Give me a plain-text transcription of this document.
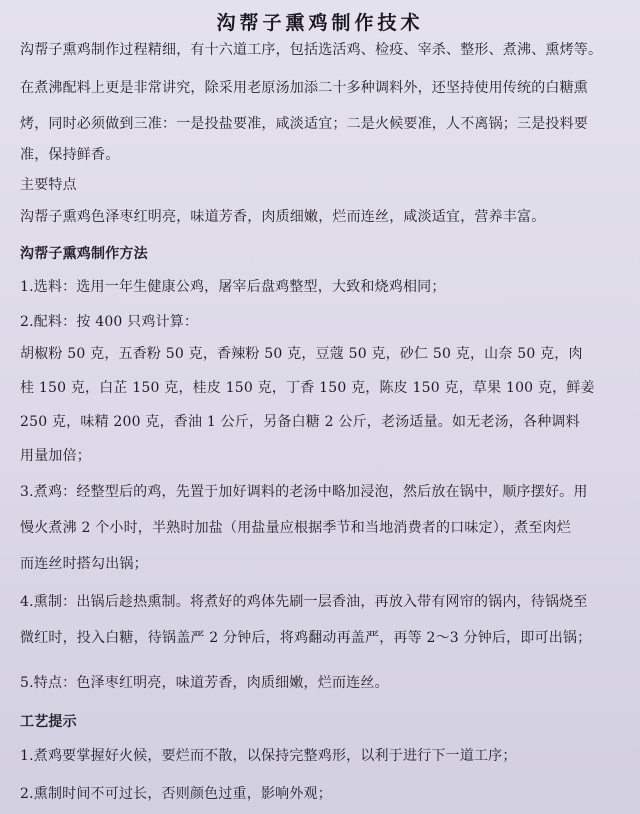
沟帮子熏鸡制作技术
沟帮子熏鸡制作过程精细，有十六道工序，包括选活鸡、检疫、宰杀、整形、煮沸、熏烤等。
在煮沸配料上更是非常讲究，除采用老原汤加添二十多种调料外，还坚持使用传统的白糖熏
烤，同时必须做到三准：一是投盐要准，咸淡适宜；二是火候要准，人不离锅；三是投料要
准，保持鲜香。
主要特点
沟帮子熏鸡色泽枣红明亮，味道芳香，肉质细嫩，烂而连丝，咸淡适宜，营养丰富。
沟帮子熏鸡制作方法
1.选料：选用一年生健康公鸡，屠宰后盘鸡整型，大致和烧鸡相同；
2.配料：按 400 只鸡计算：
胡椒粉 50 克，五香粉 50 克，香辣粉 50 克，豆蔻 50 克，砂仁 50 克，山奈 50 克，肉
桂 150 克，白芷 150 克，桂皮 150 克，丁香 150 克，陈皮 150 克，草果 100 克，鲜姜
250 克，味精 200 克，香油 1 公斤，另备白糖 2 公斤，老汤适量。如无老汤，各种调料
用量加倍；
3.煮鸡：经整型后的鸡，先置于加好调料的老汤中略加浸泡，然后放在锅中，顺序摆好。用
慢火煮沸 2 个小时，半熟时加盐（用盐量应根据季节和当地消费者的口味定），煮至肉烂
而连丝时搭勾出锅；
4.熏制：出锅后趁热熏制。将煮好的鸡体先刷一层香油，再放入带有网帘的锅内，待锅烧至
微红时，投入白糖，待锅盖严 2 分钟后，将鸡翻动再盖严，再等 2～3 分钟后，即可出锅；
5.特点：色泽枣红明亮，味道芳香，肉质细嫩，烂而连丝。
工艺提示
1.煮鸡要掌握好火候，要烂而不散，以保持完整鸡形，以利于进行下一道工序；
2.熏制时间不可过长，否则颜色过重，影响外观；
